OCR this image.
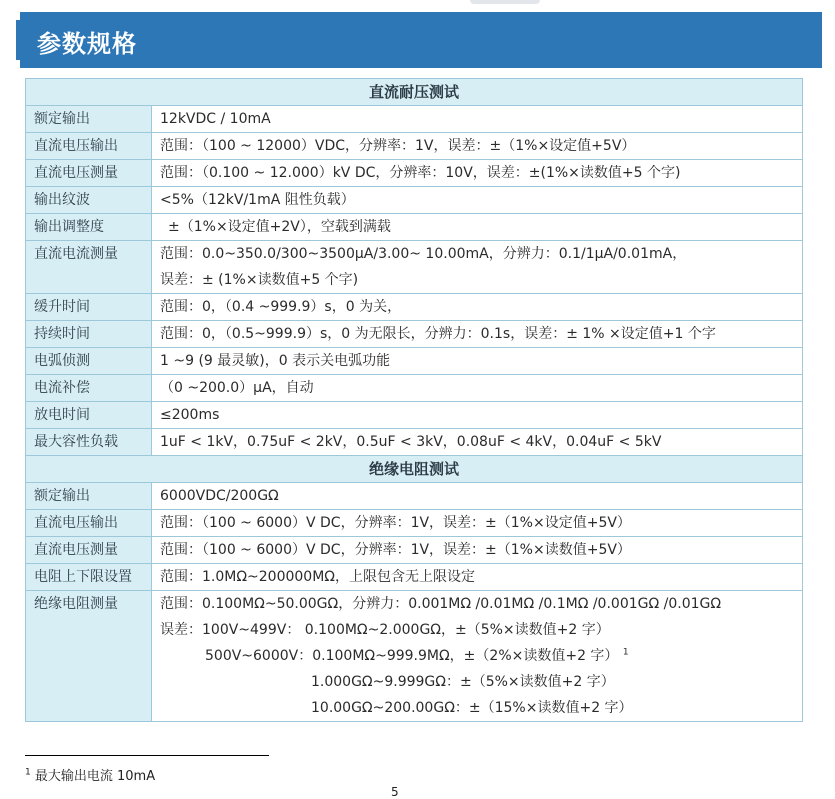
参数规格
直流耐压测试	
额定输出	12kVDC / 10mA

直流电压输出	范围：（100 ~ 12000）VDC，分辨率：1V，误差：±（1%×设定值+5V）

直流电压测量	范围：（0.100 ~ 12.000）kV DC，分辨率：10V，误差：±(1%×读数值+5 个字)

输出纹波	<5%（12kV/1mA 阻性负载）

输出调整度	±（1%×设定值+2V），空载到满载

直流电流测量	范围：0.0~350.0/300~3500μA/3.00~ 10.00mA，分辨力：0.1/1μA/0.01mA，
误差：± (1%×读数值+5 个字)

缓升时间	范围：0，（0.4 ~999.9）s，0 为关，

持续时间	范围：0，（0.5~999.9）s，0 为无限长，分辨力：0.1s，误差：± 1% ×设定值+1 个字

电弧侦测	1 ~9 (9 最灵敏)，0 表示关电弧功能

电流补偿	（0 ~200.0）μA，自动

放电时间	≤200ms

最大容性负载	1uF < 1kV，0.75uF < 2kV，0.5uF < 3kV，0.08uF < 4kV，0.04uF < 5kV

绝缘电阻测试	
额定输出	6000VDC/200GΩ

直流电压输出	范围：（100 ~ 6000）V DC，分辨率：1V，误差：±（1%×设定值+5V）

直流电压测量	范围：（100 ~ 6000）V DC，分辨率：1V，误差：±（1%×读数值+5V）

电阻上下限设置	范围：1.0MΩ~200000MΩ，上限包含无上限设定

绝缘电阻测量	范围：0.100MΩ~50.00GΩ，分辨力：0.001MΩ /0.01MΩ /0.1MΩ /0.001GΩ /0.01GΩ
误差：100V~499V： 0.100MΩ~2.000GΩ，±（5%×读数值+2 字）
500V~6000V：0.100MΩ~999.9MΩ，±（2%×读数值+2 字） $^1$
1.000GΩ~9.999GΩ：±（5%×读数值+2 字）
10.00GΩ~200.00GΩ：±（15%×读数值+2 字）
$^1$ 最大输出电流 10mA
5
